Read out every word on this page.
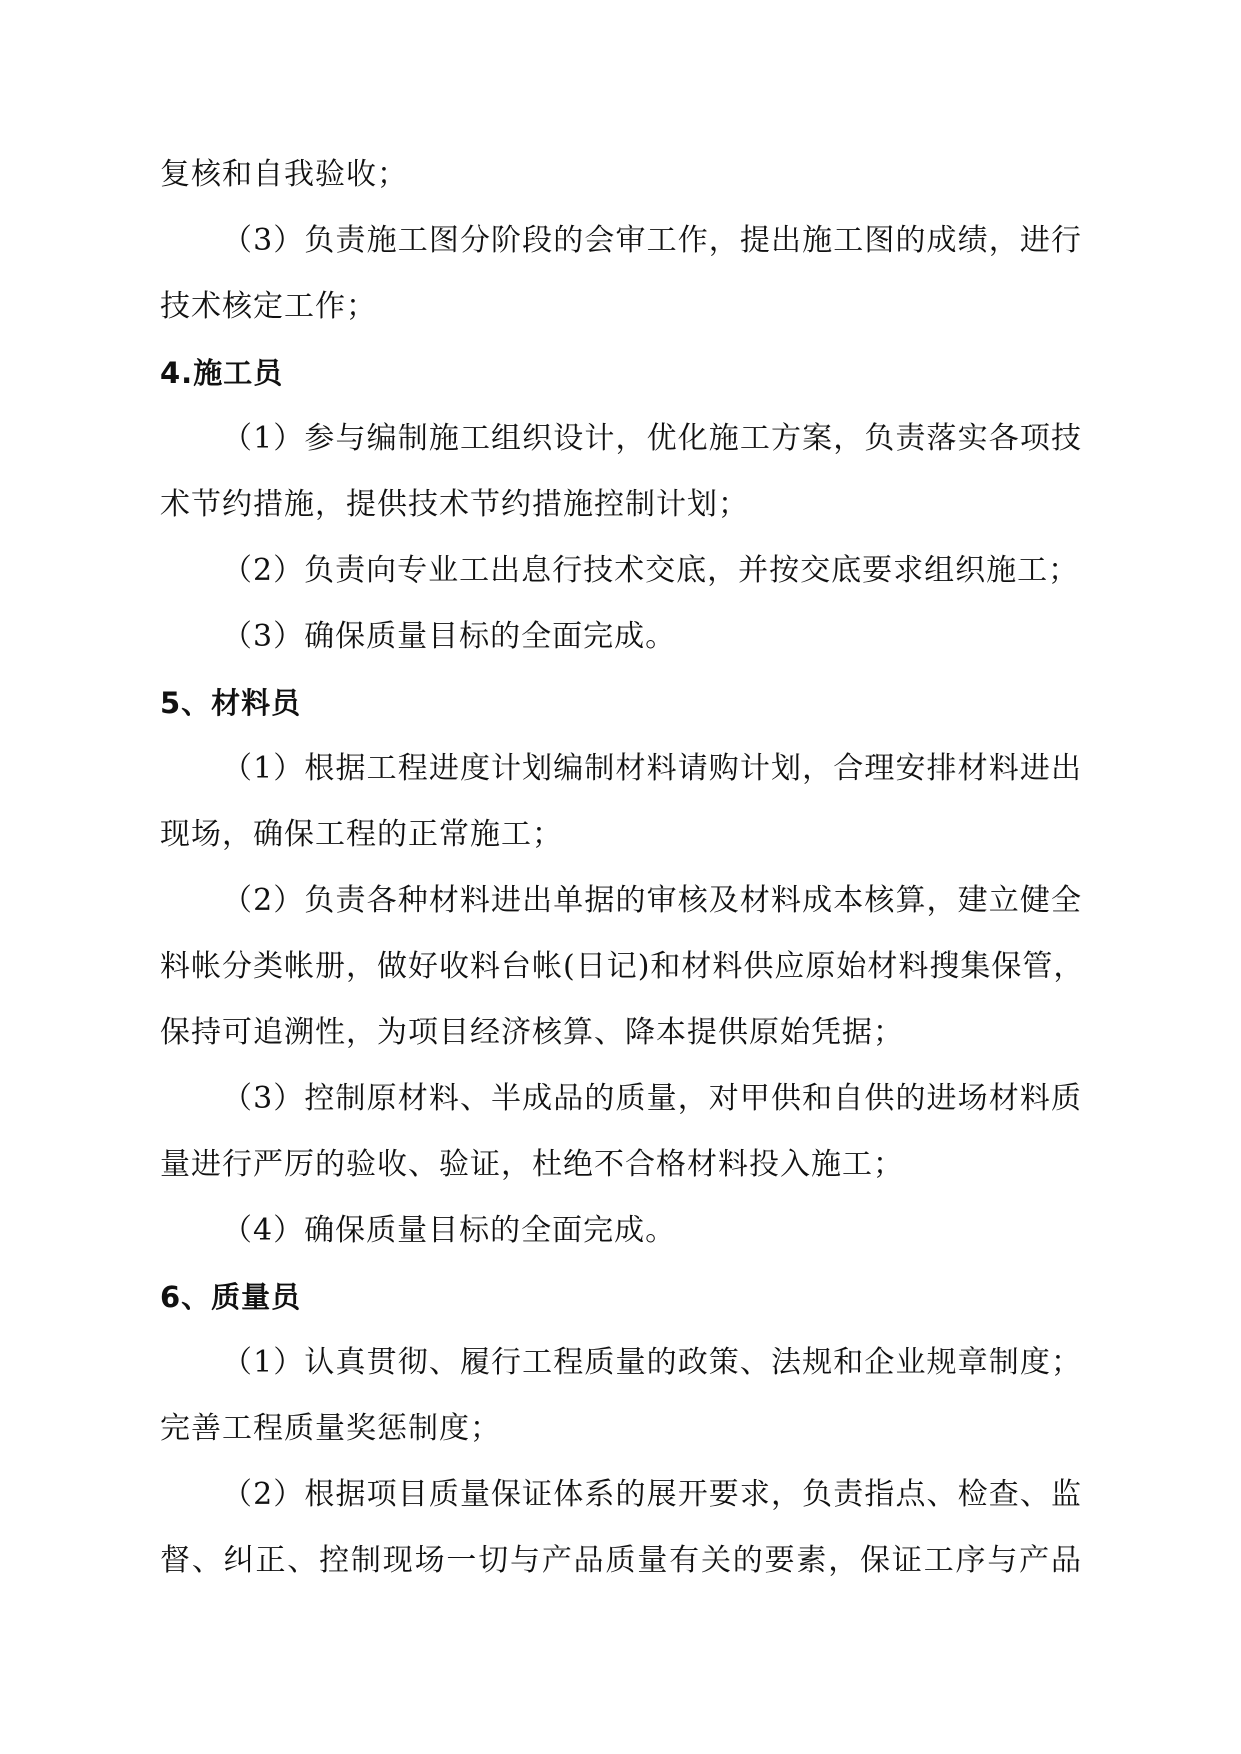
复核和自我验收；
（3）负责施工图分阶段的会审工作，提出施工图的成绩，进行
技术核定工作；
4.施工员
（1）参与编制施工组织设计，优化施工方案，负责落实各项技
术节约措施，提供技术节约措施控制计划；
（2）负责向专业工出息行技术交底，并按交底要求组织施工；
（3）确保质量目标的全面完成。
5、材料员
（1）根据工程进度计划编制材料请购计划，合理安排材料进出
现场，确保工程的正常施工；
（2）负责各种材料进出单据的审核及材料成本核算，建立健全
料帐分类帐册，做好收料台帐(日记)和材料供应原始材料搜集保管，
保持可追溯性，为项目经济核算、降本提供原始凭据；
（3）控制原材料、半成品的质量，对甲供和自供的进场材料质
量进行严厉的验收、验证，杜绝不合格材料投入施工；
（4）确保质量目标的全面完成。
6、质量员
（1）认真贯彻、履行工程质量的政策、法规和企业规章制度；
完善工程质量奖惩制度；
（2）根据项目质量保证体系的展开要求，负责指点、检查、监
督、纠正、控制现场一切与产品质量有关的要素，保证工序与产品
